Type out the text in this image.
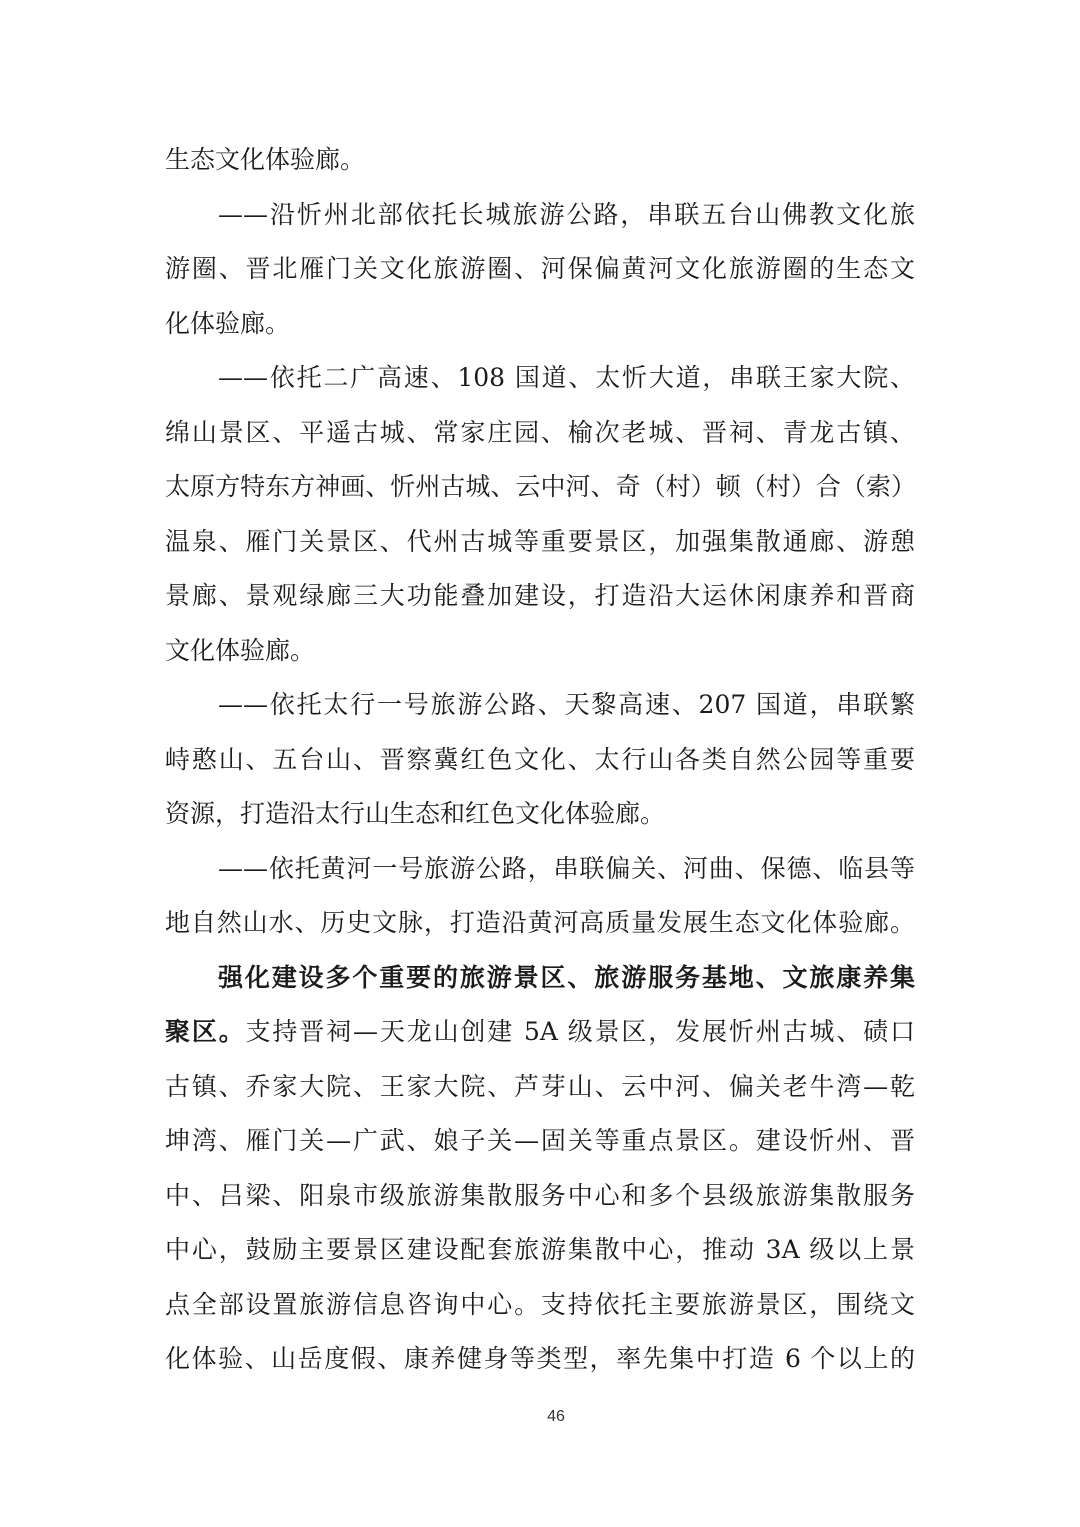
生态文化体验廊。
——沿忻州北部依托长城旅游公路，串联五台山佛教文化旅
游圈、晋北雁门关文化旅游圈、河保偏黄河文化旅游圈的生态文
化体验廊。
——依托二广高速、108 国道、太忻大道，串联王家大院、
绵山景区、平遥古城、常家庄园、榆次老城、晋祠、青龙古镇、
太原方特东方神画、忻州古城、云中河、奇（村）顿（村）合（索）
温泉、雁门关景区、代州古城等重要景区，加强集散通廊、游憩
景廊、景观绿廊三大功能叠加建设，打造沿大运休闲康养和晋商
文化体验廊。
——依托太行一号旅游公路、天黎高速、207 国道，串联繁
峙憨山、五台山、晋察冀红色文化、太行山各类自然公园等重要
资源，打造沿太行山生态和红色文化体验廊。
——依托黄河一号旅游公路，串联偏关、河曲、保德、临县等
地自然山水、历史文脉，打造沿黄河高质量发展生态文化体验廊。
强化建设多个重要的旅游景区、旅游服务基地、文旅康养集
聚区。支持晋祠—天龙山创建 5A 级景区，发展忻州古城、碛口
古镇、乔家大院、王家大院、芦芽山、云中河、偏关老牛湾—乾
坤湾、雁门关—广武、娘子关—固关等重点景区。建设忻州、晋
中、吕梁、阳泉市级旅游集散服务中心和多个县级旅游集散服务
中心，鼓励主要景区建设配套旅游集散中心，推动 3A 级以上景
点全部设置旅游信息咨询中心。支持依托主要旅游景区，围绕文
化体验、山岳度假、康养健身等类型，率先集中打造 6 个以上的
46
